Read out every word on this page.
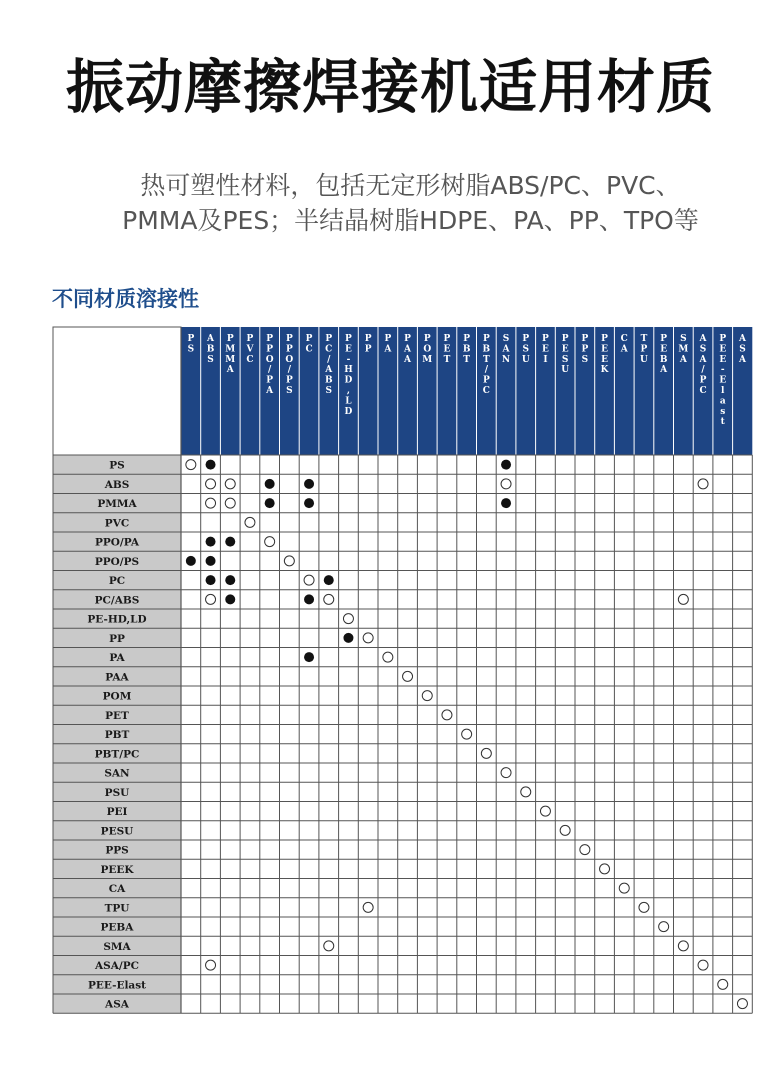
振动摩擦焊接机适用材质
热可塑性材料，包括无定形树脂ABS/PC、PVC、
PMMA及PES；半结晶树脂HDPE、PA、PP、TPO等
不同材质溶接性
P S
A B S
P M M A
P V C
P P O / P A
P P O / P S
P C
P C / A B S
P E -H D , L D
P P
P A
P A A
P O M
P E T
P B T
P B T / P C
S A N
P S U
P E I
P E S U
P P S
P E E K
C A
T P U
P E B A
S M A
A S A / P C
P E E -E l a s t
A S A
PS
ABS
PMMA
PVC
PPO/PA
PPO/PS
PC
PC/ABS
PE-HD,LD
PP
PA
PAA
POM
PET
PBT
PBT/PC
SAN
PSU
PEI
PESU
PPS
PEEK
CA
TPU
PEBA
SMA
ASA/PC
PEE-Elast
ASA
